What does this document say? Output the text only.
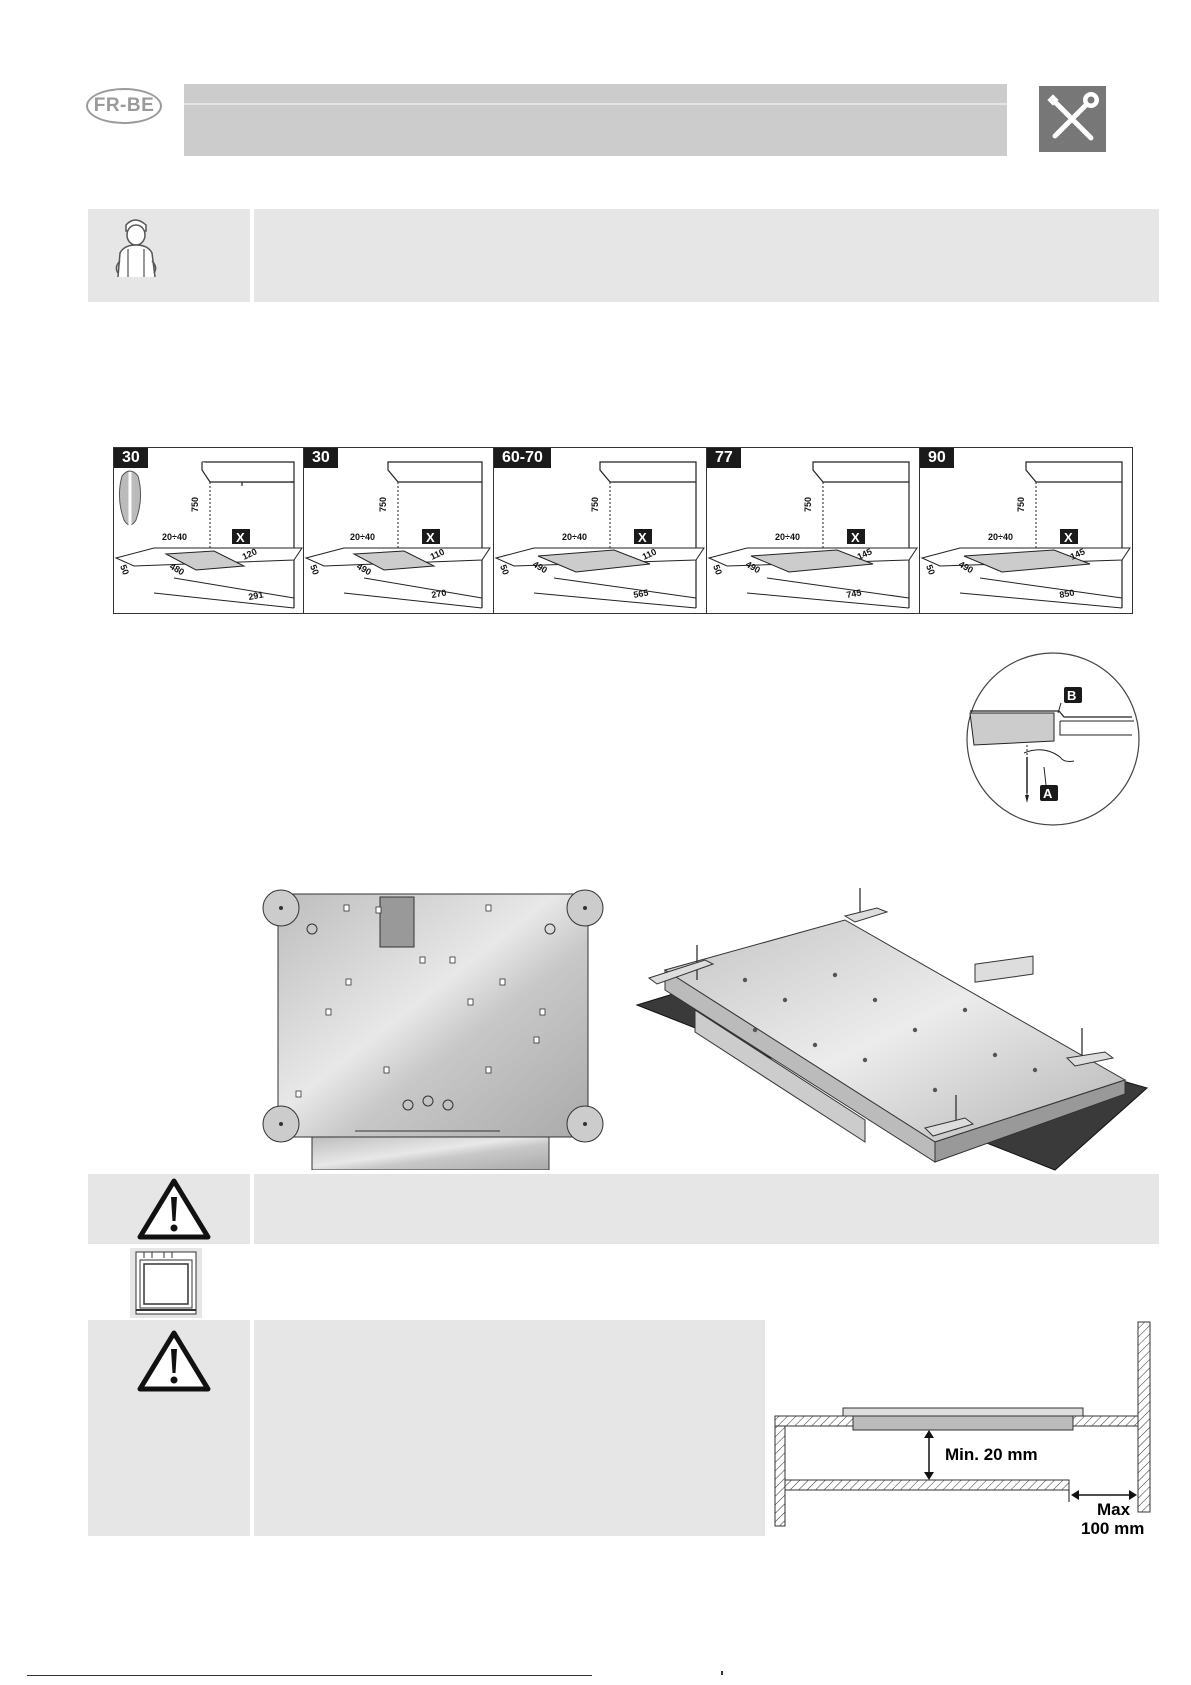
FR-BE
30
750
20÷40
50	480
120
291
X
30
750
20÷40
50	490
110
270
X
60-70
750
20÷40
50 490
110
565
X
77
750
20÷40
50 490
145
745
X
90
750
20÷40
50 490
145
850
X
B
A
Min. 20 mm
Max
100 mm
